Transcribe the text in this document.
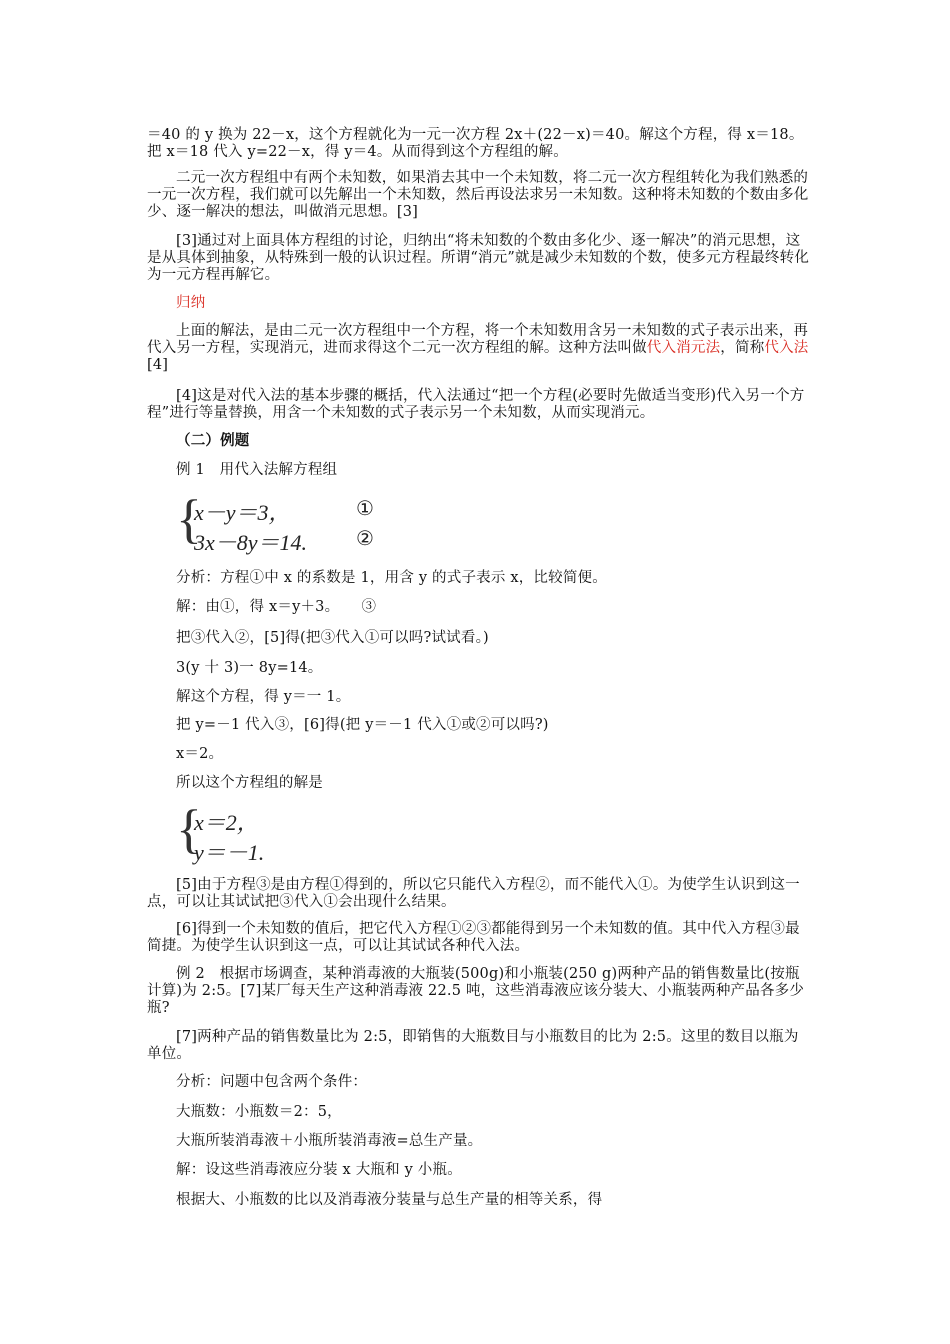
＝40 的 y 换为 22－x，这个方程就化为一元一次方程 2x＋(22－x)＝40。解这个方程，得 x＝18。把 x＝18 代入 y=22－x，得 y＝4。从而得到这个方程组的解。

二元一次方程组中有两个未知数，如果消去其中一个未知数，将二元一次方程组转化为我们熟悉的一元一次方程，我们就可以先解出一个未知数，然后再设法求另一未知数。这种将未知数的个数由多化少、逐一解决的想法，叫做消元思想。[3]

[3]通过对上面具体方程组的讨论，归纳出“将未知数的个数由多化少、逐一解决”的消元思想，这是从具体到抽象，从特殊到一般的认识过程。所谓“消元”就是减少未知数的个数，使多元方程最终转化为一元方程再解它。

归纳

上面的解法，是由二元一次方程组中一个方程，将一个未知数用含另一未知数的式子表示出来，再代入另一方程，实现消元，进而求得这个二元一次方程组的解。这种方法叫做代入消元法，简称代入法[4]

[4]这是对代入法的基本步骤的概括，代入法通过“把一个方程(必要时先做适当变形)代入另一个方程”进行等量替换，用含一个未知数的式子表示另一个未知数，从而实现消元。

（二）例题

例 1　用代入法解方程组

{
x－y＝3，
3x－8y＝14.
①
②

分析：方程①中 x 的系数是 1，用含 y 的式子表示 x，比较简便。

解：由①，得 x＝y＋3。　　③

把③代入②，[5]得(把③代入①可以吗?试试看。)

3(y 十 3)一 8y=14。

解这个方程，得 y＝一 1。

把 y=－1 代入③，[6]得(把 y＝－1 代入①或②可以吗?)

x＝2。

所以这个方程组的解是

{
x＝2，
y＝－1.

[5]由于方程③是由方程①得到的，所以它只能代入方程②，而不能代入①。为使学生认识到这一点，可以让其试试把③代入①会出现什么结果。

[6]得到一个未知数的值后，把它代入方程①②③都能得到另一个未知数的值。其中代入方程③最简捷。为使学生认识到这一点，可以让其试试各种代入法。

例 2　根据市场调查，某种消毒液的大瓶装(500g)和小瓶装(250 g)两种产品的销售数量比(按瓶计算)为 2:5。[7]某厂每天生产这种消毒液 22.5 吨，这些消毒液应该分装大、小瓶装两种产品各多少瓶?

[7]两种产品的销售数量比为 2:5，即销售的大瓶数目与小瓶数目的比为 2:5。这里的数目以瓶为单位。

分析：问题中包含两个条件：

大瓶数：小瓶数＝2：5，

大瓶所装消毒液＋小瓶所装消毒液=总生产量。

解：设这些消毒液应分装 x 大瓶和 y 小瓶。

根据大、小瓶数的比以及消毒液分装量与总生产量的相等关系，得
